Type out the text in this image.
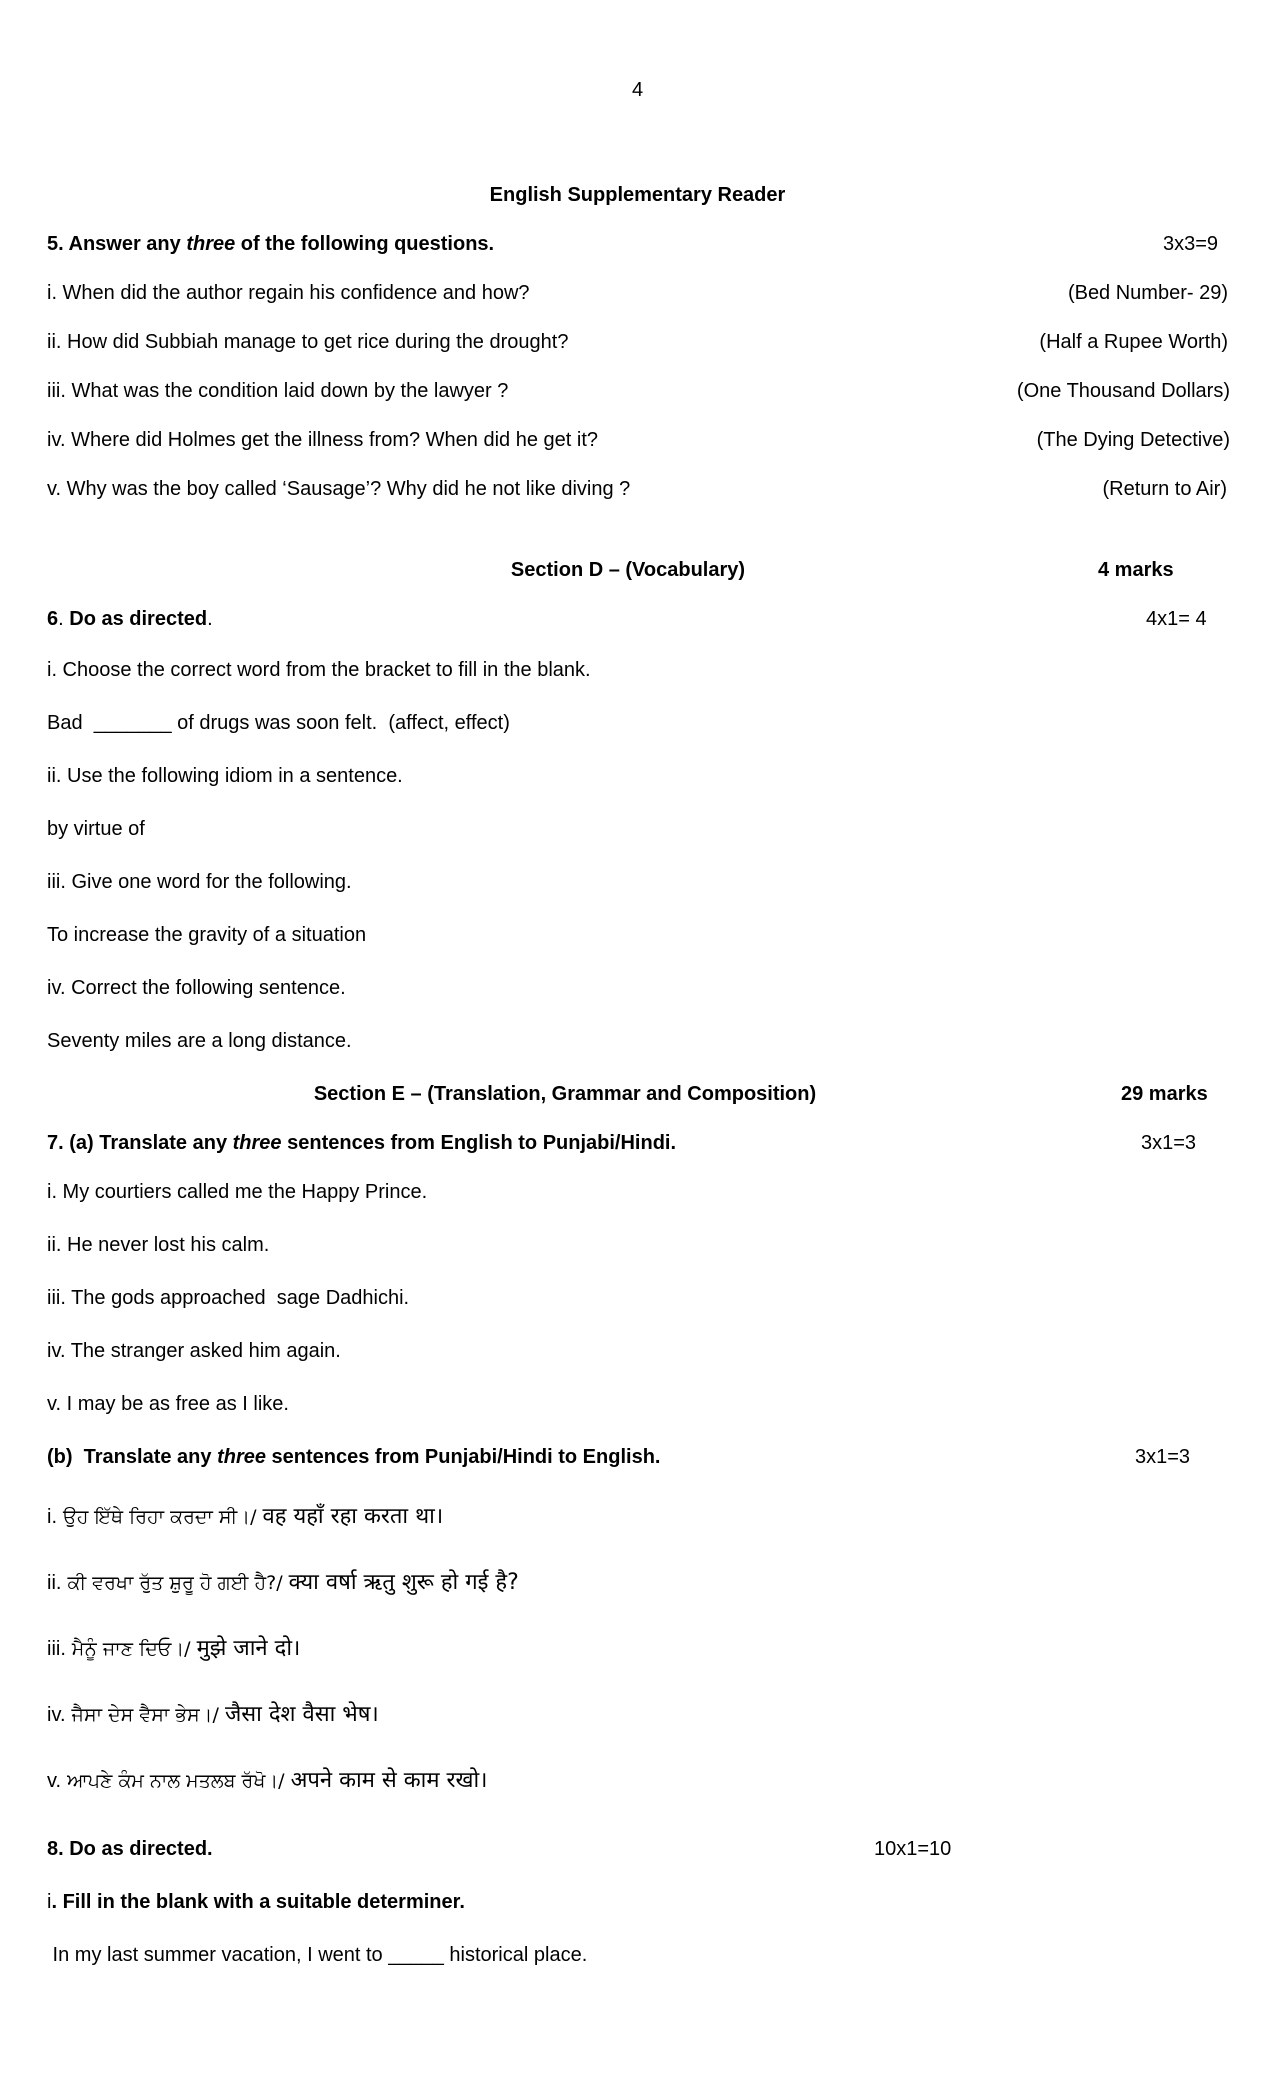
4
English Supplementary Reader
5. Answer any three of the following questions.	3x3=9
i. When did the author regain his confidence and how?	(Bed Number- 29)
ii. How did Subbiah manage to get rice during the drought?	(Half a Rupee Worth)
iii. What was the condition laid down by the lawyer ?	(One Thousand Dollars)
iv. Where did Holmes get the illness from? When did he get it?	(The Dying Detective)
v. Why was the boy called ‘Sausage’? Why did he not like diving ?	(Return to Air)
Section D – (Vocabulary)	4 marks
6. Do as directed.	4x1= 4
i. Choose the correct word from the bracket to fill in the blank.
Bad  _______ of drugs was soon felt.  (affect, effect)
ii. Use the following idiom in a sentence.
by virtue of
iii. Give one word for the following.
To increase the gravity of a situation
iv. Correct the following sentence.
Seventy miles are a long distance.
Section E – (Translation, Grammar and Composition)	29 marks
7. (a) Translate any three sentences from English to Punjabi/Hindi.	3x1=3
i. My courtiers called me the Happy Prince.
ii. He never lost his calm.
iii. The gods approached  sage Dadhichi.
iv. The stranger asked him again.
v. I may be as free as I like.
(b)  Translate any three sentences from Punjabi/Hindi to English.	3x1=3
i. ਉਹ ਇੱਥੇ ਰਿਹਾ ਕਰਦਾ ਸੀ।/ वह यहाँ रहा करता था।
ii. ਕੀ ਵਰਖਾ ਰੁੱਤ ਸ਼ੁਰੂ ਹੋ ਗਈ ਹੈ?/ क्या वर्षा ऋतु शुरू हो गई है?
iii. ਮੈਨੂੰ ਜਾਣ ਦਿਓ।/ मुझे जाने दो।
iv. ਜੈਸਾ ਦੇਸ ਵੈਸਾ ਭੇਸ।/ जैसा देश वैसा भेष।
v. ਆਪਣੇ ਕੰਮ ਨਾਲ ਮਤਲਬ ਰੱਖੋ।/ अपने काम से काम रखो।
8. Do as directed.	10x1=10
i. Fill in the blank with a suitable determiner.
In my last summer vacation, I went to _____ historical place.
